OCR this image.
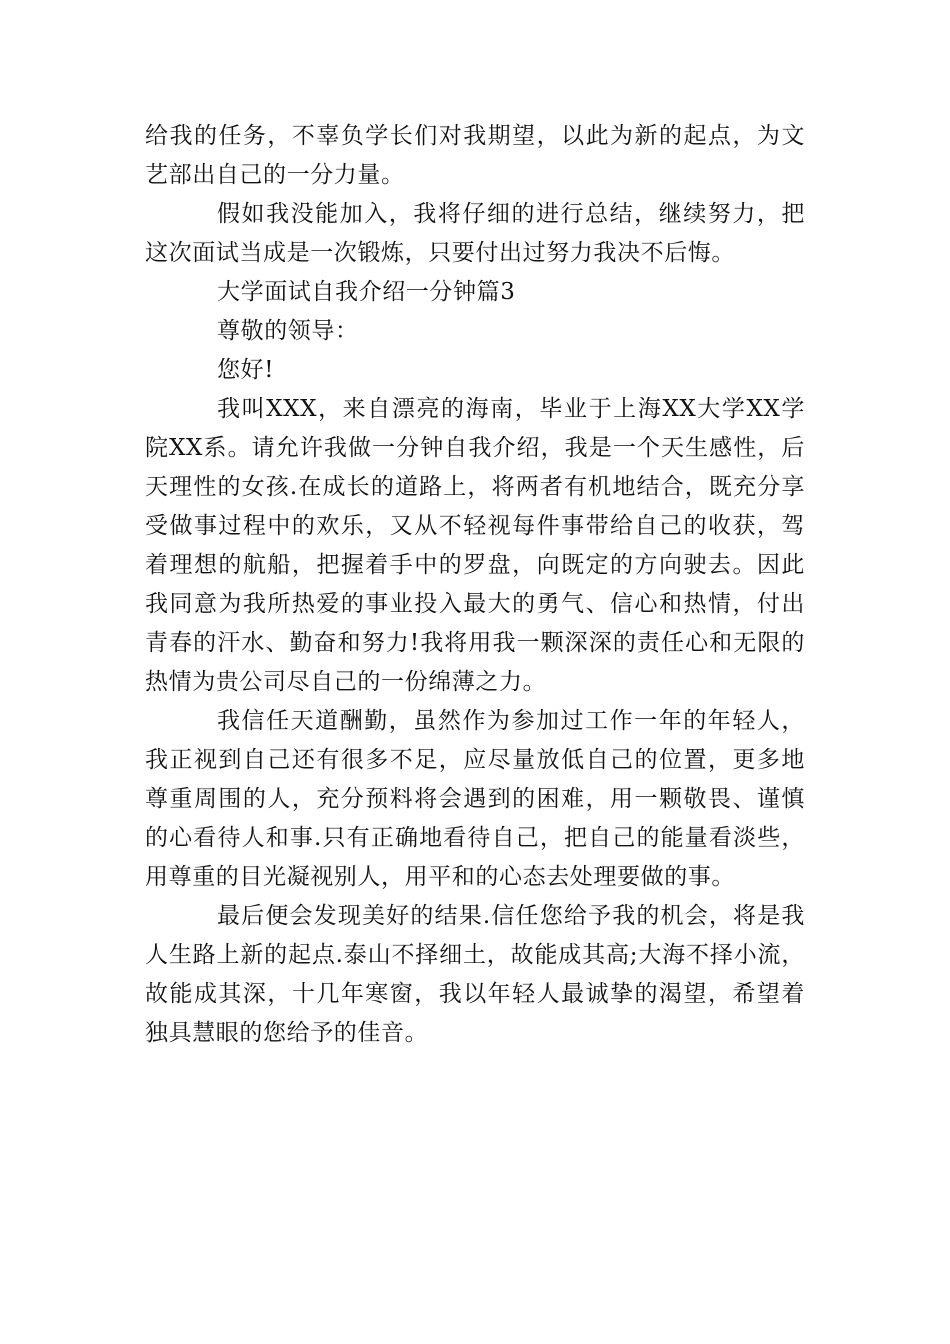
给我的任务，不辜负学长们对我期望，以此为新的起点，为文艺部出自己的一分力量。

假如我没能加入，我将仔细的进行总结，继续努力，把这次面试当成是一次锻炼，只要付出过努力我决不后悔。

大学面试自我介绍一分钟篇3

尊敬的领导：

您好!

我叫XXX，来自漂亮的海南，毕业于上海XX大学XX学院XX系。请允许我做一分钟自我介绍，我是一个天生感性，后天理性的女孩.在成长的道路上，将两者有机地结合，既充分享受做事过程中的欢乐，又从不轻视每件事带给自己的收获，驾着理想的航船，把握着手中的罗盘，向既定的方向驶去。因此我同意为我所热爱的事业投入最大的勇气、信心和热情，付出青春的汗水、勤奋和努力!我将用我一颗深深的责任心和无限的热情为贵公司尽自己的一份绵薄之力。

我信任天道酬勤，虽然作为参加过工作一年的年轻人，我正视到自己还有很多不足，应尽量放低自己的位置，更多地尊重周围的人，充分预料将会遇到的困难，用一颗敬畏、谨慎的心看待人和事.只有正确地看待自己，把自己的能量看淡些，用尊重的目光凝视别人，用平和的心态去处理要做的事。

最后便会发现美好的结果.信任您给予我的机会，将是我人生路上新的起点.泰山不择细土，故能成其高;大海不择小流，故能成其深，十几年寒窗，我以年轻人最诚挚的渴望，希望着独具慧眼的您给予的佳音。
